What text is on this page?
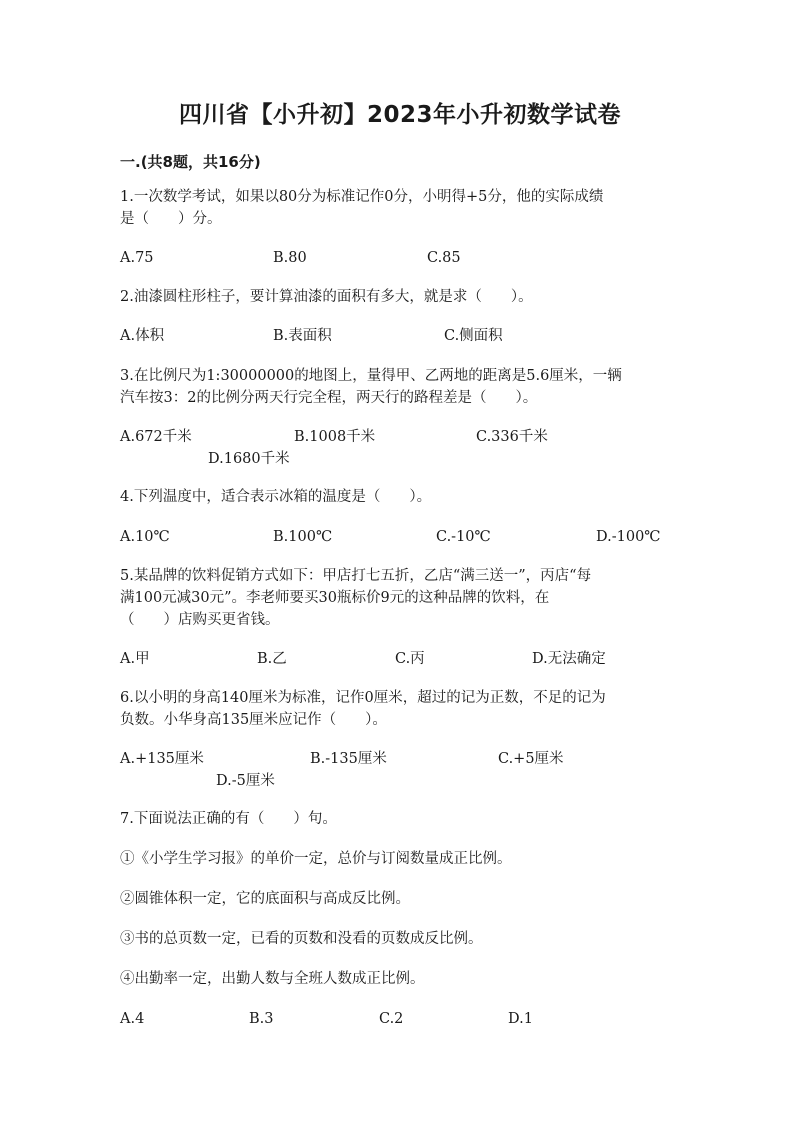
四川省【小升初】2023年小升初数学试卷
一.(共8题，共16分)
1.一次数学考试，如果以80分为标准记作0分，小明得+5分，他的实际成绩
是（　　）分。
A.75	B.80	C.85
2.油漆圆柱形柱子，要计算油漆的面积有多大，就是求（　　）。
A.体积	B.表面积	C.侧面积
3.在比例尺为1:30000000的地图上，量得甲、乙两地的距离是5.6厘米，一辆
汽车按3：2的比例分两天行完全程，两天行的路程差是（　　）。
A.672千米	B.1008千米	C.336千米
D.1680千米
4.下列温度中，适合表示冰箱的温度是（　　）。
A.10℃	B.100℃	C.-10℃	D.-100℃
5.某品牌的饮料促销方式如下：甲店打七五折，乙店“满三送一”，丙店“每
满100元减30元”。李老师要买30瓶标价9元的这种品牌的饮料，在
（　　）店购买更省钱。
A.甲	B.乙	C.丙	D.无法确定
6.以小明的身高140厘米为标准，记作0厘米，超过的记为正数，不足的记为
负数。小华身高135厘米应记作（　　）。
A.+135厘米	B.-135厘米	C.+5厘米
D.-5厘米
7.下面说法正确的有（　　）句。
①《小学生学习报》的单价一定，总价与订阅数量成正比例。
②圆锥体积一定，它的底面积与高成反比例。
③书的总页数一定，已看的页数和没看的页数成反比例。
④出勤率一定，出勤人数与全班人数成正比例。
A.4	B.3	C.2	D.1
